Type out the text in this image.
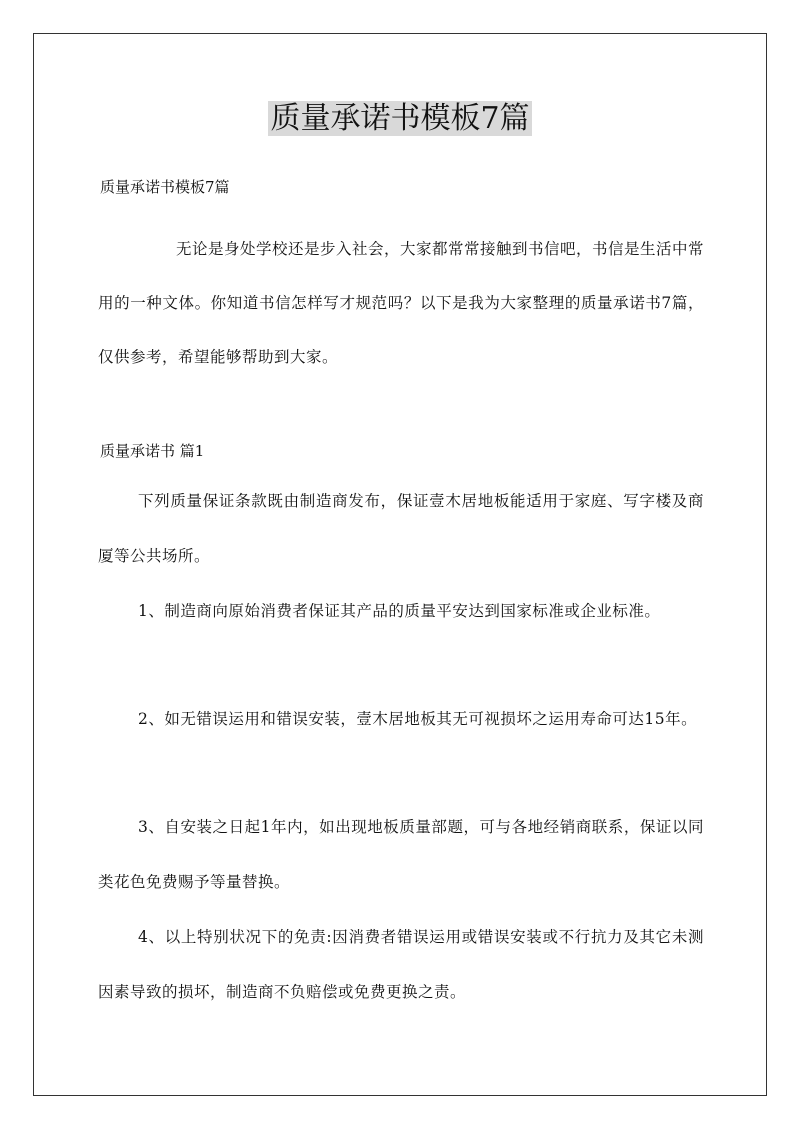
质量承诺书模板7篇

质量承诺书模板7篇

无论是身处学校还是步入社会，大家都常常接触到书信吧，书信是生活中常用的一种文体。你知道书信怎样写才规范吗？以下是我为大家整理的质量承诺书7篇，仅供参考，希望能够帮助到大家。

质量承诺书 篇1

下列质量保证条款既由制造商发布，保证壹木居地板能适用于家庭、写字楼及商厦等公共场所。

1、制造商向原始消费者保证其产品的质量平安达到国家标准或企业标准。

2、如无错误运用和错误安装，壹木居地板其无可视损坏之运用寿命可达15年。

3、自安装之日起1年内，如出现地板质量部题，可与各地经销商联系，保证以同类花色免费赐予等量替换。

4、以上特别状况下的免责:因消费者错误运用或错误安装或不行抗力及其它未测因素导致的损坏，制造商不负赔偿或免费更换之责。
